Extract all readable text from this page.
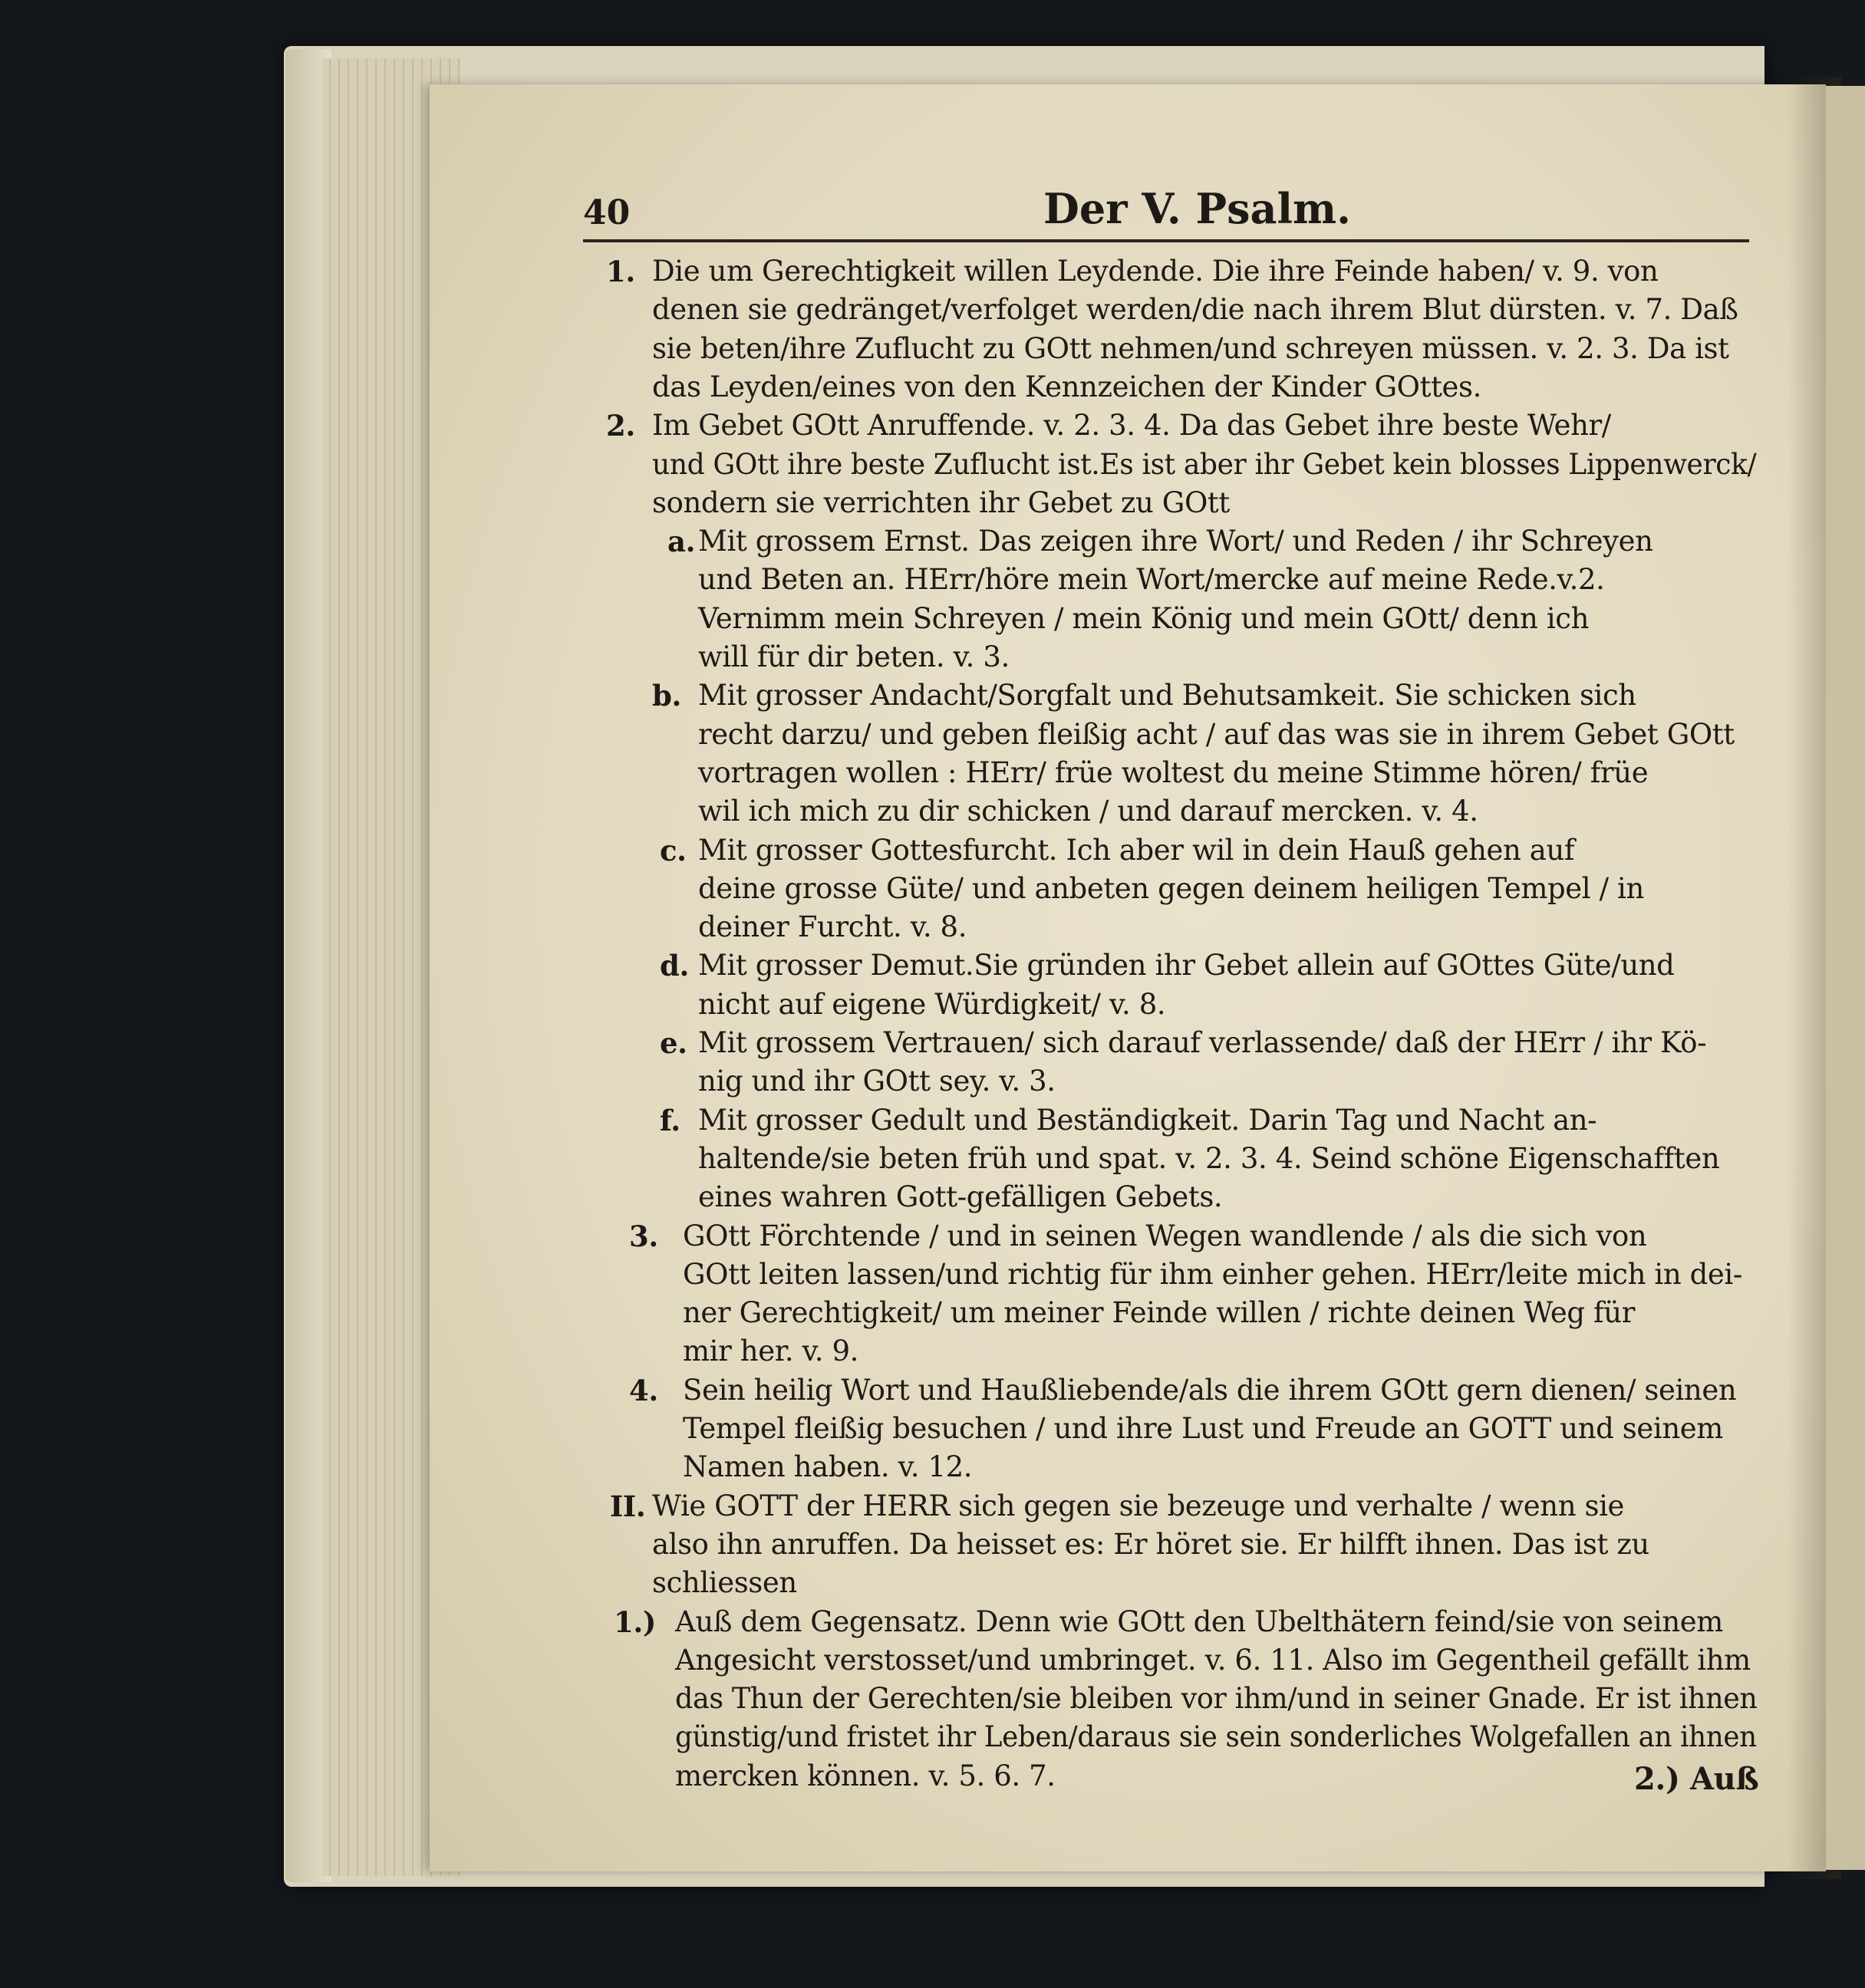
40	Der V. Psalm.
1. Die um Gerechtigkeit willen Leydende. Die ihre Feinde haben/ v. 9. von
denen sie gedränget/verfolget werden/die nach ihrem Blut dürsten. v. 7. Daß
sie beten/ihre Zuflucht zu GOtt nehmen/und schreyen müssen. v. 2. 3. Da ist
das Leyden/eines von den Kennzeichen der Kinder GOttes.
2. Im Gebet GOtt Anruffende. v. 2. 3. 4. Da das Gebet ihre beste Wehr/
und GOtt ihre beste Zuflucht ist.Es ist aber ihr Gebet kein blosses Lippenwerck/
sondern sie verrichten ihr Gebet zu GOtt
a. Mit grossem Ernst. Das zeigen ihre Wort/ und Reden / ihr Schreyen
und Beten an. HErr/höre mein Wort/mercke auf meine Rede.v.2.
Vernimm mein Schreyen / mein König und mein GOtt/ denn ich
will für dir beten. v. 3.
b. Mit grosser Andacht/Sorgfalt und Behutsamkeit. Sie schicken sich
recht darzu/ und geben fleißig acht / auf das was sie in ihrem Gebet GOtt
vortragen wollen : HErr/ früe woltest du meine Stimme hören/ früe
wil ich mich zu dir schicken / und darauf mercken. v. 4.
c. Mit grosser Gottesfurcht. Ich aber wil in dein Hauß gehen auf
deine grosse Güte/ und anbeten gegen deinem heiligen Tempel / in
deiner Furcht. v. 8.
d. Mit grosser Demut.Sie gründen ihr Gebet allein auf GOttes Güte/und
nicht auf eigene Würdigkeit/ v. 8.
e. Mit grossem Vertrauen/ sich darauf verlassende/ daß der HErr / ihr Kö-
nig und ihr GOtt sey. v. 3.
f. Mit grosser Gedult und Beständigkeit. Darin Tag und Nacht an-
haltende/sie beten früh und spat. v. 2. 3. 4. Seind schöne Eigenschafften
eines wahren Gott-gefälligen Gebets.
3. GOtt Förchtende / und in seinen Wegen wandlende / als die sich von
GOtt leiten lassen/und richtig für ihm einher gehen. HErr/leite mich in dei-
ner Gerechtigkeit/ um meiner Feinde willen / richte deinen Weg für
mir her. v. 9.
4. Sein heilig Wort und Haußliebende/als die ihrem GOtt gern dienen/ seinen
Tempel fleißig besuchen / und ihre Lust und Freude an GOTT und seinem
Namen haben. v. 12.
II. Wie GOTT der HERR sich gegen sie bezeuge und verhalte / wenn sie
also ihn anruffen. Da heisset es: Er höret sie. Er hilfft ihnen. Das ist zu
schliessen
1.) Auß dem Gegensatz. Denn wie GOtt den Ubelthätern feind/sie von seinem
Angesicht verstosset/und umbringet. v. 6. 11. Also im Gegentheil gefällt ihm
das Thun der Gerechten/sie bleiben vor ihm/und in seiner Gnade. Er ist ihnen
günstig/und fristet ihr Leben/daraus sie sein sonderliches Wolgefallen an ihnen
mercken können. v. 5. 6. 7.	2.) Auß
